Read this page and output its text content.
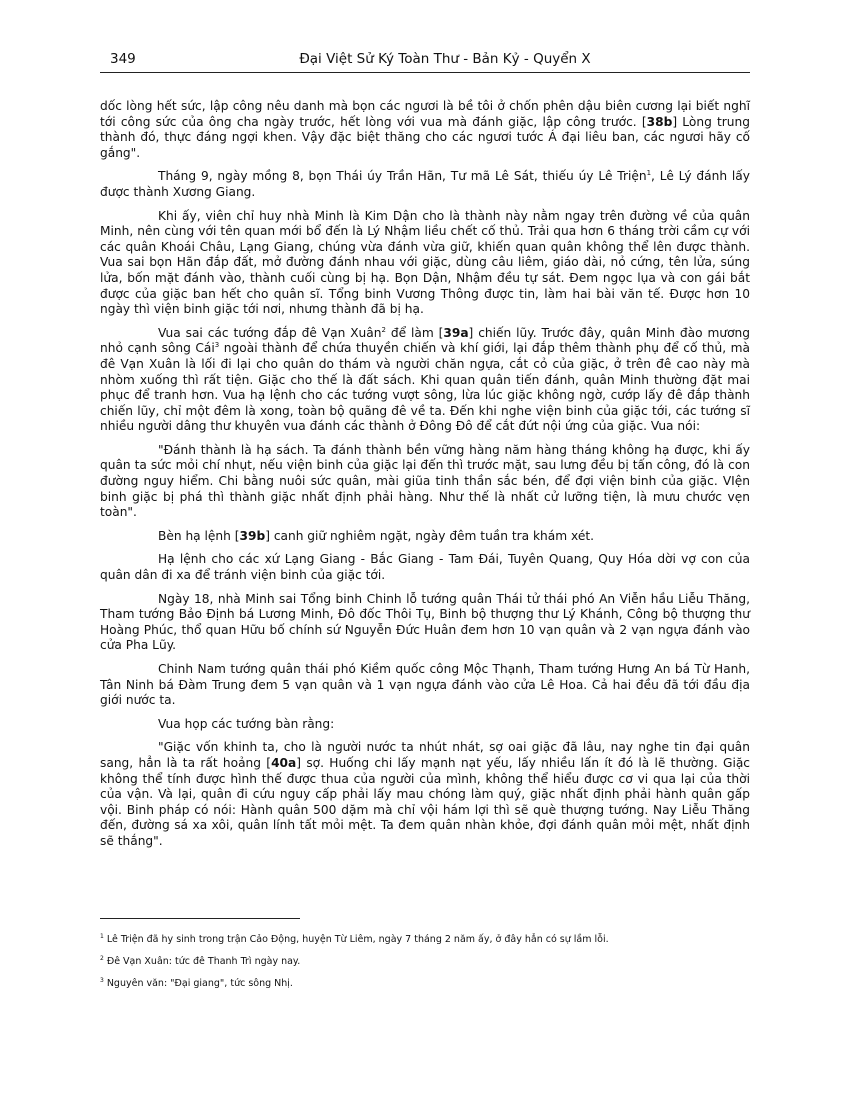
349	Đại Việt Sử Ký Toàn Thư - Bản Kỷ - Quyển X

dốc lòng hết sức, lập công nêu danh mà bọn các ngươi là bề tôi ở chốn phên dậu biên cương lại biết nghĩ tới công sức của ông cha ngày trước, hết lòng với vua mà đánh giặc, lập công trước. [38b] Lòng trung thành đó, thực đáng ngợi khen. Vậy đặc biệt thăng cho các ngươi tước Á đại liêu ban, các ngươi hãy cố gắng".

Tháng 9, ngày mồng 8, bọn Thái úy Trần Hãn, Tư mã Lê Sát, thiếu úy Lê Triện$^1$, Lê Lý đánh lấy được thành Xương Giang.

Khi ấy, viên chỉ huy nhà Minh là Kim Dận cho là thành này nằm ngay trên đường về của quân Minh, nên cùng với tên quan mới bổ đến là Lý Nhậm liều chết cố thủ. Trải qua hơn 6 tháng trời cầm cự với các quân Khoái Châu, Lạng Giang, chúng vừa đánh vừa giữ, khiến quan quân không thể lên được thành. Vua sai bọn Hãn đắp đất, mở đường đánh nhau với giặc, dùng câu liêm, giáo dài, nỏ cứng, tên lửa, súng lửa, bốn mặt đánh vào, thành cuối cùng bị hạ. Bọn Dận, Nhậm đều tự sát. Đem ngọc lụa và con gái bắt được của giặc ban hết cho quân sĩ. Tổng binh Vương Thông được tin, làm hai bài văn tế. Được hơn 10 ngày thì viện binh giặc tới nơi, nhưng thành đã bị hạ.

Vua sai các tướng đắp đê Vạn Xuân$^2$ để làm [39a] chiến lũy. Trước đây, quân Minh đào mương nhỏ cạnh sông Cái$^3$ ngoài thành để chứa thuyền chiến và khí giới, lại đắp thêm thành phụ để cố thủ, mà đê Vạn Xuân là lối đi lại cho quân do thám và người chăn ngựa, cắt cỏ của giặc, ở trên đê cao này mà nhòm xuống thì rất tiện. Giặc cho thế là đất sách. Khi quan quân tiến đánh, quân Minh thường đặt mai phục để tranh hơn. Vua hạ lệnh cho các tướng vượt sông, lừa lúc giặc không ngờ, cướp lấy đê đắp thành chiến lũy, chỉ một đêm là xong, toàn bộ quãng đê về ta. Đến khi nghe viện binh của giặc tới, các tướng sĩ nhiều người dâng thư khuyên vua đánh các thành ở Đông Đô để cắt đứt nội ứng của giặc. Vua nói:

"Đánh thành là hạ sách. Ta đánh thành bền vững hàng năm hàng tháng không hạ được, khi ấy quân ta sức mỏi chí nhụt, nếu viện binh của giặc lại đến thì trước mặt, sau lưng đều bị tấn công, đó là con đường nguy hiểm. Chi bằng nuôi sức quân, mài giũa tinh thần sắc bén, để đợi viện binh của giặc. VIện binh giặc bị phá thì thành giặc nhất định phải hàng. Như thế là nhất cử lưỡng tiện, là mưu chước vẹn toàn".

Bèn hạ lệnh [39b] canh giữ nghiêm ngặt, ngày đêm tuần tra khám xét.

Hạ lệnh cho các xứ Lạng Giang - Bắc Giang - Tam Đái, Tuyên Quang, Quy Hóa dời vợ con của quân dân đi xa để tránh viện binh của giặc tới.

Ngày 18, nhà Minh sai Tổng binh Chinh lỗ tướng quân Thái tử thái phó An Viễn hầu Liễu Thăng, Tham tướng Bảo Định bá Lương Minh, Đô đốc Thôi Tụ, Binh bộ thượng thư Lý Khánh, Công bộ thượng thư Hoàng Phúc, thổ quan Hữu bố chính sứ Nguyễn Đức Huân đem hơn 10 vạn quân và 2 vạn ngựa đánh vào cửa Pha Lũy.

Chinh Nam tướng quân thái phó Kiềm quốc công Mộc Thạnh, Tham tướng Hưng An bá Từ Hanh, Tân Ninh bá Đàm Trung đem 5 vạn quân và 1 vạn ngựa đánh vào cửa Lê Hoa. Cả hai đều đã tới đầu địa giới nước ta.

Vua họp các tướng bàn rằng:

"Giặc vốn khinh ta, cho là người nước ta nhút nhát, sợ oai giặc đã lâu, nay nghe tin đại quân sang, hẳn là ta rất hoảng [40a] sợ. Huống chi lấy mạnh nạt yếu, lấy nhiều lấn ít đó là lẽ thường. Giặc không thể tính được hình thế được thua của người của mình, không thể hiểu được cơ vi qua lại của thời của vận. Và lại, quân đi cứu nguy cấp phải lấy mau chóng làm quý, giặc nhất định phải hành quân gấp vội. Binh pháp có nói: Hành quân 500 dặm mà chỉ vội hám lợi thì sẽ què thượng tướng. Nay Liễu Thăng đến, đường sá xa xôi, quân lính tất mỏi mệt. Ta đem quân nhàn khỏe, đợi đánh quân mỏi mệt, nhất định sẽ thắng".

$^1$ Lê Triện đã hy sinh trong trận Cảo Động, huyện Từ Liêm, ngày 7 tháng 2 năm ấy, ở đây hẳn có sự lầm lỗi.
$^2$ Đê Vạn Xuân: tức đê Thanh Trì ngày nay.
$^3$ Nguyên văn: "Đại giang", tức sông Nhị.
